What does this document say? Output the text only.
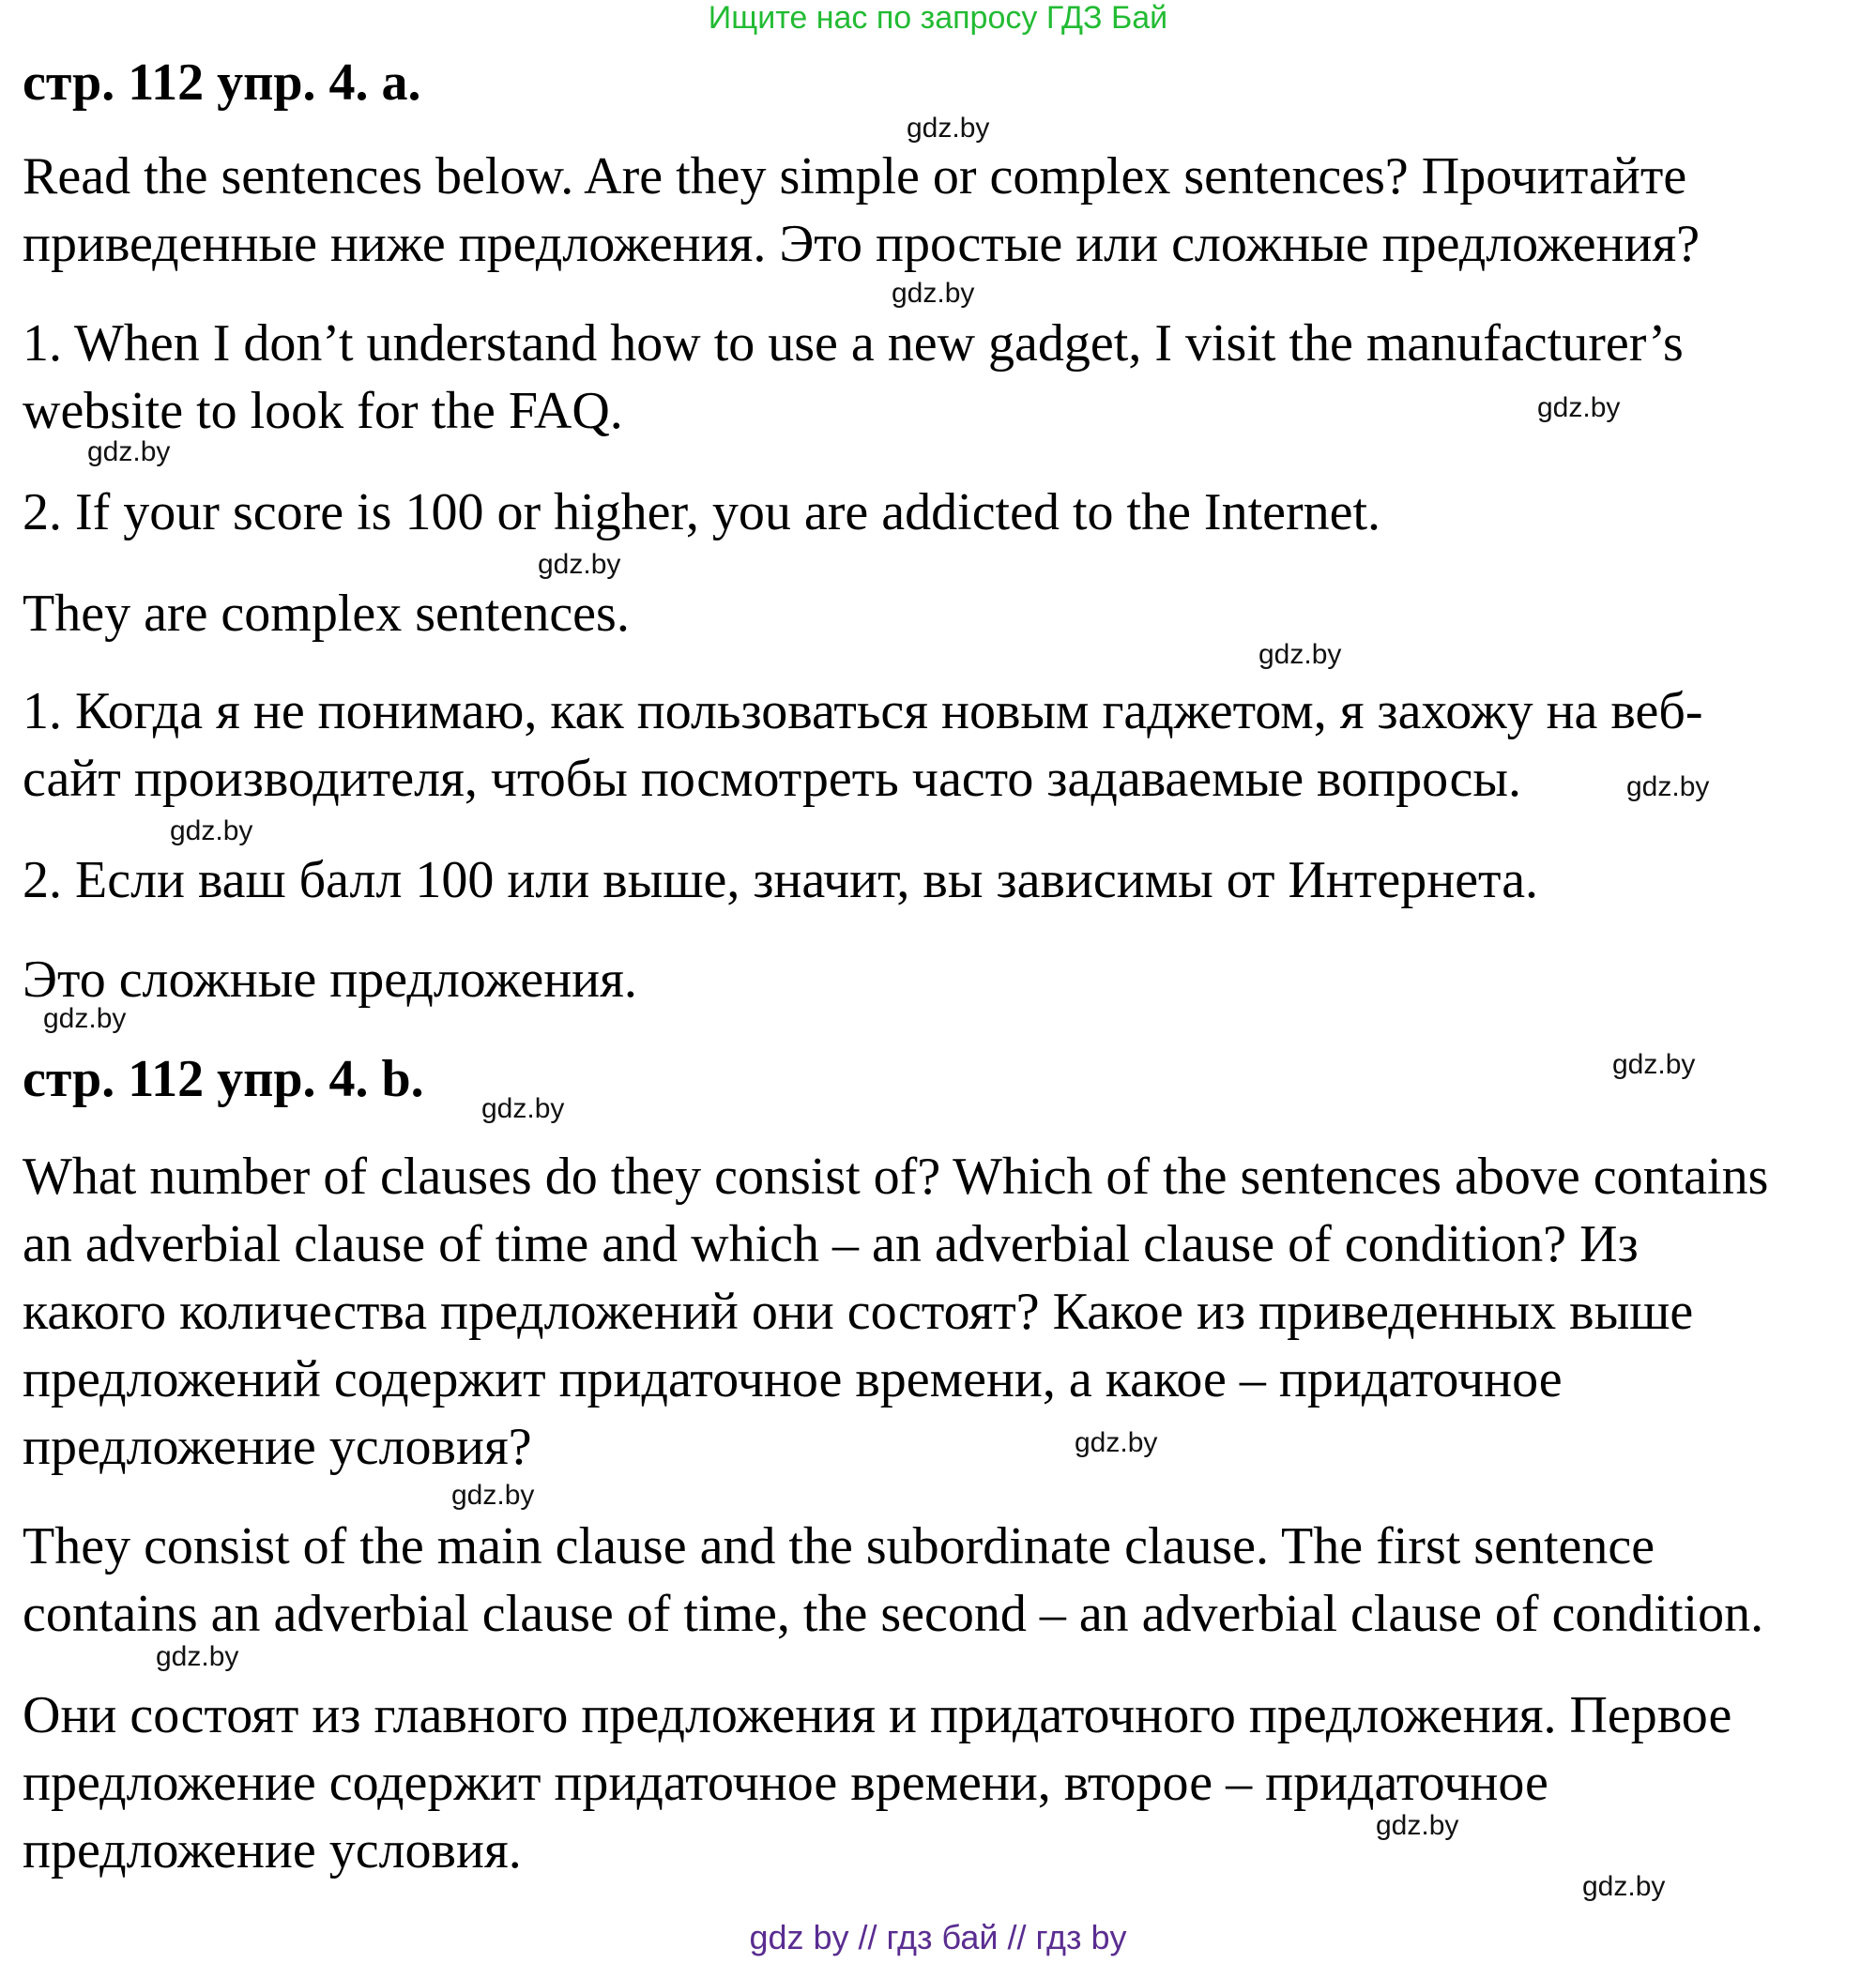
Ищите нас по запросу ГДЗ Бай
стр. 112 упр. 4. a.
Read the sentences below. Are they simple or complex sentences? Прочитайте
приведенные ниже предложения. Это простые или сложные предложения?
1. When I don’t understand how to use a new gadget, I visit the manufacturer’s
website to look for the FAQ.
2. If your score is 100 or higher, you are addicted to the Internet.
They are complex sentences.
1. Когда я не понимаю, как пользоваться новым гаджетом, я захожу на веб-
сайт производителя, чтобы посмотреть часто задаваемые вопросы.
2. Если ваш балл 100 или выше, значит, вы зависимы от Интернета.
Это сложные предложения.
стр. 112 упр. 4. b.
What number of clauses do they consist of? Which of the sentences above contains
an adverbial clause of time and which – an adverbial clause of condition? Из
какого количества предложений они состоят? Какое из приведенных выше
предложений содержит придаточное времени, а какое – придаточное
предложение условия?
They consist of the main clause and the subordinate clause. The first sentence
contains an adverbial clause of time, the second – an adverbial clause of condition.
Они состоят из главного предложения и придаточного предложения. Первое
предложение содержит придаточное времени, второе – придаточное
предложение условия.
gdz.by
gdz.by
gdz.by
gdz.by
gdz.by
gdz.by
gdz.by
gdz.by
gdz.by
gdz.by
gdz.by
gdz.by
gdz.by
gdz.by
gdz.by
gdz.by
gdz by // гдз бай // гдз by
